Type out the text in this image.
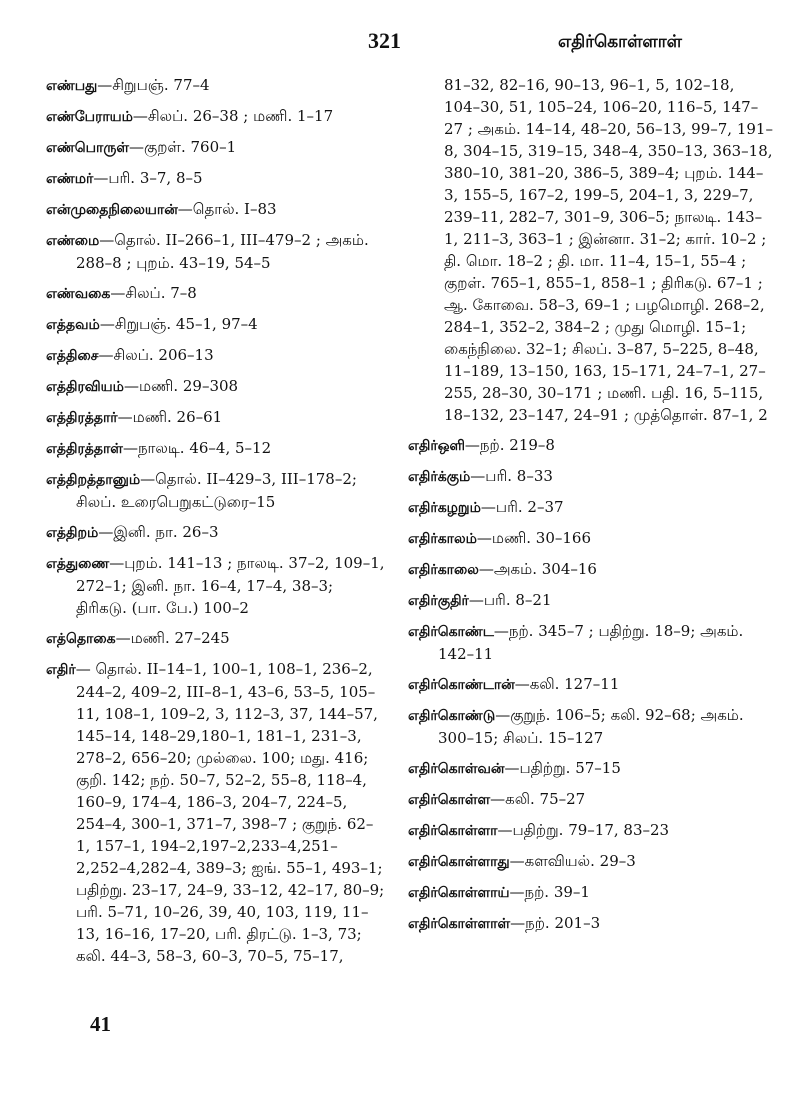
321	எதிர்கொள்ளாள்
எண்பது—சிறுபஞ். 77–4
எண்பேராயம்—சிலப். 26–38 ; மணி. 1–17
எண்பொருள்—குறள். 760–1
எண்மர்—பரி. 3–7, 8–5
என்முதைநிலையான்—தொல். I–83
எண்மை—தொல். II–266–1, III–479–2 ; அகம். 288–8 ; புறம். 43–19, 54–5
எண்வகை—சிலப். 7–8
எத்தவம்—சிறுபஞ். 45–1, 97–4
எத்திசை—சிலப். 206–13
எத்திரவியம்—மணி. 29–308
எத்திரத்தார்—மணி. 26–61
எத்திரத்தாள்—நாலடி. 46–4, 5–12
எத்திறத்தானும்—தொல். II–429–3, III–178–2; சிலப். உரைபெறுகட்டுரை–15
எத்திறம்—இனி. நா. 26–3
எத்துணை—புறம். 141–13 ; நாலடி. 37–2, 109–1, 272–1; இனி. நா. 16–4, 17–4, 38–3; திரிகடு. (பா. பே.) 100–2
எத்தொகை—மணி. 27–245
எதிர்— தொல். II–14–1, 100–1, 108–1, 236–2, 244–2, 409–2, III–8–1, 43–6, 53–5, 105–11, 108–1, 109–2, 3, 112–3, 37, 144–57, 145–14, 148–29,180–1, 181–1, 231–3, 278–2, 656–20; முல்லை. 100; மது. 416; குறி. 142; நற். 50–7, 52–2, 55–8, 118–4, 160–9, 174–4, 186–3, 204–7, 224–5, 254–4, 300–1, 371–7, 398–7 ; குறுந். 62–1, 157–1, 194–2,197–2,233–4,251–2,252–4,282–4, 389–3; ஐங். 55–1, 493–1; பதிற்று. 23–17, 24–9, 33–12, 42–17, 80–9; பரி. 5–71, 10–26, 39, 40, 103, 119, 11–13, 16–16, 17–20, பரி. திரட்டு. 1–3, 73; கலி. 44–3, 58–3, 60–3, 70–5, 75–17,
81–32, 82–16, 90–13, 96–1, 5, 102–18, 104–30, 51, 105–24, 106–20, 116–5, 147–27 ; அகம். 14–14, 48–20, 56–13, 99–7, 191–8, 304–15, 319–15, 348–4, 350–13, 363–18, 380–10, 381–20, 386–5, 389–4; புறம். 144–3, 155–5, 167–2, 199–5, 204–1, 3, 229–7, 239–11, 282–7, 301–9, 306–5; நாலடி. 143–1, 211–3, 363–1 ; இன்னா. 31–2; கார். 10–2 ; தி. மொ. 18–2 ; தி. மா. 11–4, 15–1, 55–4 ; குறள். 765–1, 855–1, 858–1 ; திரிகடு. 67–1 ; ஆ. கோவை. 58–3, 69–1 ; பழமொழி. 268–2, 284–1, 352–2, 384–2 ; முது மொழி. 15–1; கைந்நிலை. 32–1; சிலப். 3–87, 5–225, 8–48, 11–189, 13–150, 163, 15–171, 24–7–1, 27–255, 28–30, 30–171 ; மணி. பதி. 16, 5–115, 18–132, 23–147, 24–91 ; முத்தொள். 87–1, 2
எதிர்ஒளி—நற். 219–8
எதிர்க்கும்—பரி. 8–33
எதிர்கழறும்—பரி. 2–37
எதிர்காலம்—மணி. 30–166
எதிர்காலை—அகம். 304–16
எதிர்குதிர்—பரி. 8–21
எதிர்கொண்ட—நற். 345–7 ; பதிற்று. 18–9; அகம். 142–11
எதிர்கொண்டான்—கலி. 127–11
எதிர்கொண்டு—குறுந். 106–5; கலி. 92–68; அகம். 300–15; சிலப். 15–127
எதிர்கொள்வன்—பதிற்று. 57–15
எதிர்கொள்ள—கலி. 75–27
எதிர்கொள்ளா—பதிற்று. 79–17, 83–23
எதிர்கொள்ளாது—களவியல். 29–3
எதிர்கொள்ளாய்—நற். 39–1
எதிர்கொள்ளாள்—நற். 201–3
41
